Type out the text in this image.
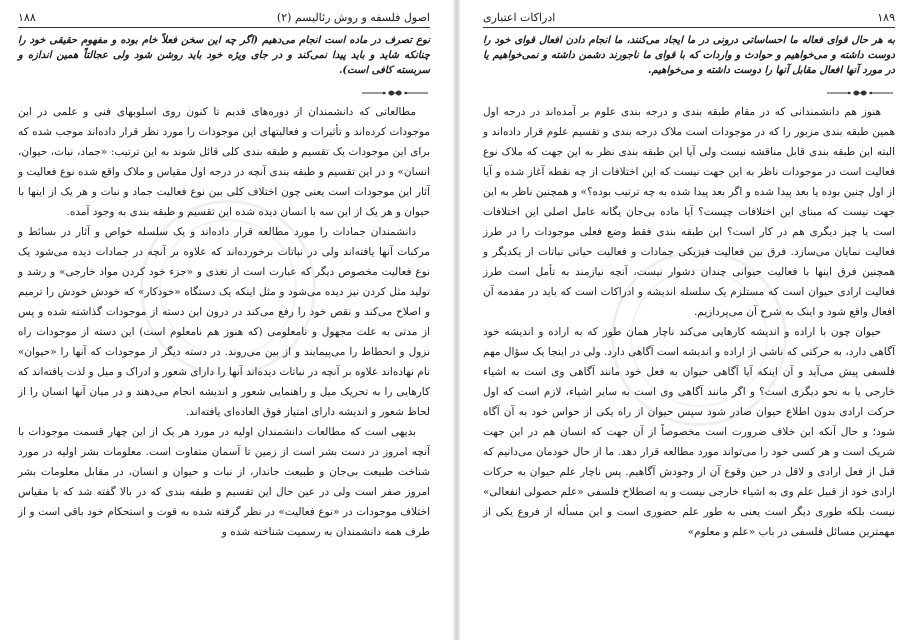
۱۸۸	اصول فلسفه و روش رئالیسم (۲)

نوع تصرف در ماده است انجام می‌دهیم (اگر چه این سخن فعلاً خام بوده و مفهوم حقیقی خود را چنانکه شاید و باید پیدا نمی‌کند و در جای ویژه خود باید روشن شود ولی عجالتاً همین اندازه و سربسته کافی است).

مطالعاتی که دانشمندان از دوره‌های قدیم تا کنون روی اسلوبهای فنی و علمی در این موجودات کرده‌اند و تأثیرات و فعالیتهای این موجودات را مورد نظر قرار داده‌اند موجب شده که برای این موجودات یک تقسیم و طبقه بندی کلی قائل شوند به این ترتیب: «جماد، نبات، حیوان، انسان» و در این تقسیم و طبقه بندی آنچه در درجه اول مقیاس و ملاک واقع شده نوع فعالیت و آثار این موجودات است یعنی چون اختلاف کلی بین نوع فعالیت جماد و نبات و هر یک از اینها با حیوان و هر یک از این سه با انسان دیده شده این تقسیم و طبقه بندی به وجود آمده.

دانشمندان جمادات را مورد مطالعه قرار داده‌اند و یک سلسله خواص و آثار در بسائط و مرکبات آنها یافته‌اند ولی در نباتات برخورده‌اند که علاوه بر آنچه در جمادات دیده می‌شود یک نوع فعالیت مخصوص دیگر که عبارت است از تغذی و «جزء خود کردن مواد خارجی» و رشد و تولید مثل کردن نیز دیده می‌شود و مثل اینکه یک دستگاه «خودکار» که خودش خودش را ترمیم و اصلاح می‌کند و نقص خود را رفع می‌کند در درون این دسته از موجودات گذاشته شده و پس از مدتی به علت مجهول و نامعلومی (که هنوز هم نامعلوم است) این دسته از موجودات راه نزول و انحطاط را می‌پیمایند و از بین می‌روند. در دسته دیگر از موجودات که آنها را «حیوان» نام نهاده‌اند علاوه بر آنچه در نباتات دیده‌اند آنها را دارای شعور و ادراک و میل و لذت یافته‌اند که کارهایی را به تحریک میل و راهنمایی شعور و اندیشه انجام می‌دهند و در میان آنها انسان را از لحاظ شعور و اندیشه دارای امتیاز فوق العاده‌ای یافته‌اند.

بدیهی است که مطالعات دانشمندان اولیه در مورد هر یک از این چهار قسمت موجودات با آنچه امروز در دست بشر است از زمین تا آسمان متفاوت است. معلومات بشر اولیه در مورد شناخت طبیعت بی‌جان و طبیعت جاندار، از نبات و حیوان و انسان، در مقابل معلومات بشر امروز صفر است ولی در عین حال این تقسیم و طبقه بندی که در بالا گفته شد که با مقیاس اختلاف موجودات در «نوع فعالیت» در نظر گرفته شده به قوت و استحکام خود باقی است و از طرف همه دانشمندان به رسمیت شناخته شده و

۱۸۹
ادراکات اعتباری

به هر حال قوای فعاله ما احساساتی درونی در ما ایجاد می‌کنند، ما انجام دادن افعال قوای خود را دوست داشته و می‌خواهیم و حوادث و واردات که با قوای ما ناجورند دشمن داشته و نمی‌خواهیم یا در مورد آنها افعال مقابل آنها را دوست داشته و می‌خواهیم.

هنوز هم دانشمندانی که در مقام طبقه بندی و درجه بندی علوم بر آمده‌اند در درجه اول همین طبقه بندی مزبور را که در موجودات است ملاک درجه بندی و تقسیم علوم قرار داده‌اند و البته این طبقه بندی قابل مناقشه نیست ولی آیا این طبقه بندی نظر به این جهت که ملاک نوع فعالیت است در موجودات ناظر به این جهت نیست که این اختلافات از چه نقطه آغاز شده و آیا از اول چنین بوده یا بعد پیدا شده و اگر بعد پیدا شده به چه ترتیب بوده؟» و همچنین ناظر به این جهت نیست که مبنای این اختلافات چیست؟ آیا ماده بی‌جان یگانه عامل اصلی این اختلافات است یا چیز دیگری هم در کار است؟ این طبقه بندی فقط وضع فعلی موجودات را در طرز فعالیت نمایان می‌سازد. فرق بین فعالیت فیزیکی جمادات و فعالیت حیاتی نباتات از یکدیگر و همچنین فرق اینها با فعالیت حیوانی چندان دشوار نیست، آنچه نیازمند به تأمل است طرز فعالیت ارادی حیوان است که مستلزم یک سلسله اندیشه و ادراکات است که باید در مقدمه آن افعال واقع شود و اینک به شرح آن می‌پردازیم.

حیوان چون با اراده و اندیشه کارهایی می‌کند ناچار همان طور که به اراده و اندیشه خود آگاهی دارد، به حرکتی که ناشی از اراده و اندیشه است آگاهی دارد. ولی در اینجا یک سؤال مهم فلسفی پیش می‌آید و آن اینکه آیا آگاهی حیوان به فعل خود مانند آگاهی وی است به اشیاء خارجی یا به نحو دیگری است؟ و اگر مانند آگاهی وی است به سایر اشیاء، لازم است که اول حرکت ارادی بدون اطلاع حیوان صادر شود سپس حیوان از راه یکی از حواس خود به آن آگاه شود؛ و حال آنکه این خلاف ضرورت است مخصوصاً از آن جهت که انسان هم در این جهت شریک است و هر کسی خود را می‌تواند مورد مطالعه قرار دهد. ما از حال خودمان می‌دانیم که قبل از فعل ارادی و لاقل در حین وقوع آن از وجودش آگاهیم. پس ناچار علم حیوان به حرکات ارادی خود از قبیل علم وی به اشیاء خارجی نیست و به اصطلاح فلسفی «علم حصولی انفعالی» نیست بلکه طوری دیگر است یعنی به طور علم حضوری است و این مسأله از فروع یکی از مهمترین مسائل فلسفی در باب «علم و معلوم»
